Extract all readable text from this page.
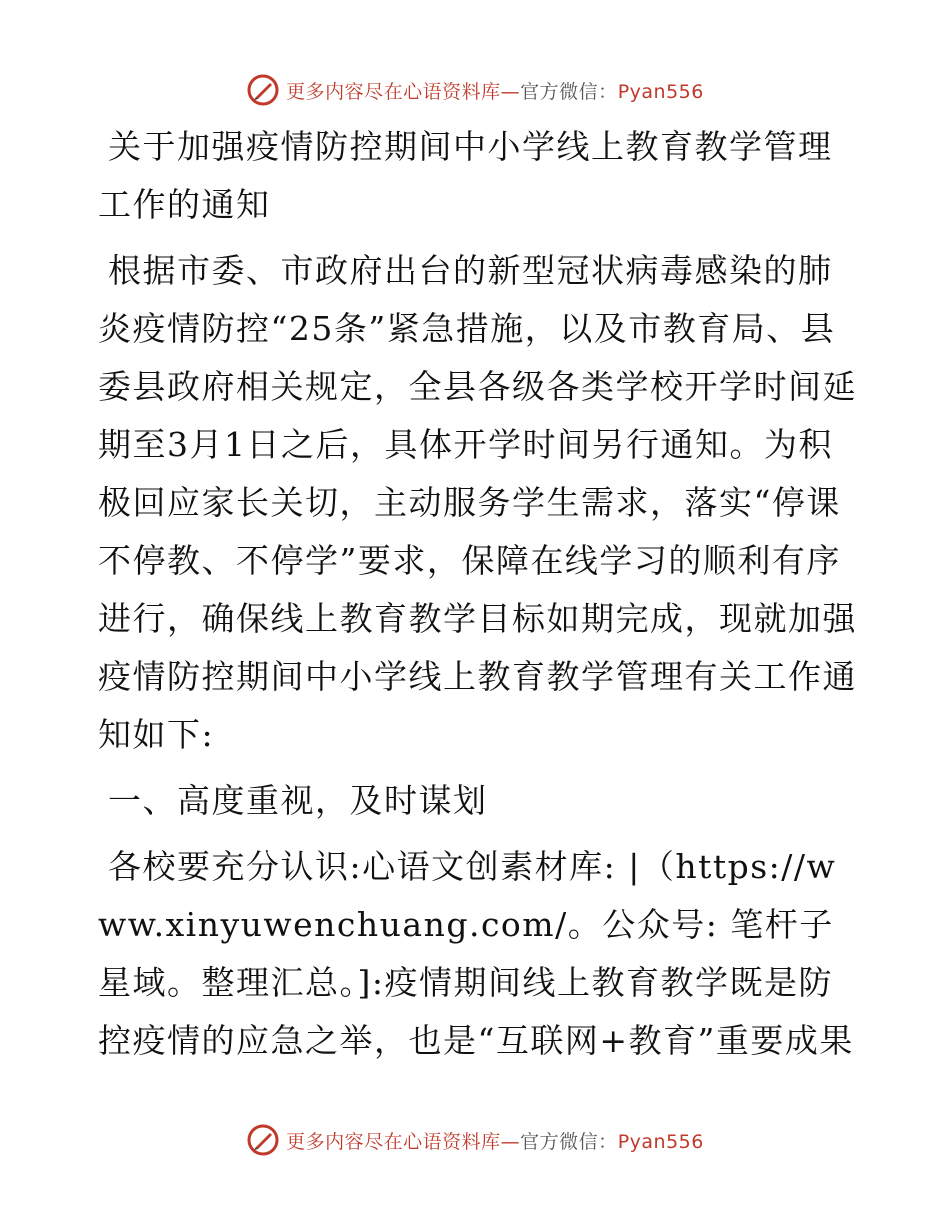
更多内容尽在心语资料库—官方微信：Pyan556

关于加强疫情防控期间中小学线上教育教学管理工作的通知

根据市委、市政府出台的新型冠状病毒感染的肺炎疫情防控“25条”紧急措施，以及市教育局、县委县政府相关规定，全县各级各类学校开学时间延期至3月1日之后，具体开学时间另行通知。为积极回应家长关切，主动服务学生需求，落实“停课不停教、不停学”要求，保障在线学习的顺利有序进行，确保线上教育教学目标如期完成，现就加强疫情防控期间中小学线上教育教学管理有关工作通知如下:

一、高度重视，及时谋划

各校要充分认识:心语文创素材库: |（https://www.xinyuwenchuang.com/。公众号: 笔杆子星域。整理汇总。]:疫情期间线上教育教学既是防控疫情的应急之举，也是“互联网+教育”重要成果

更多内容尽在心语资料库—官方微信：Pyan556
